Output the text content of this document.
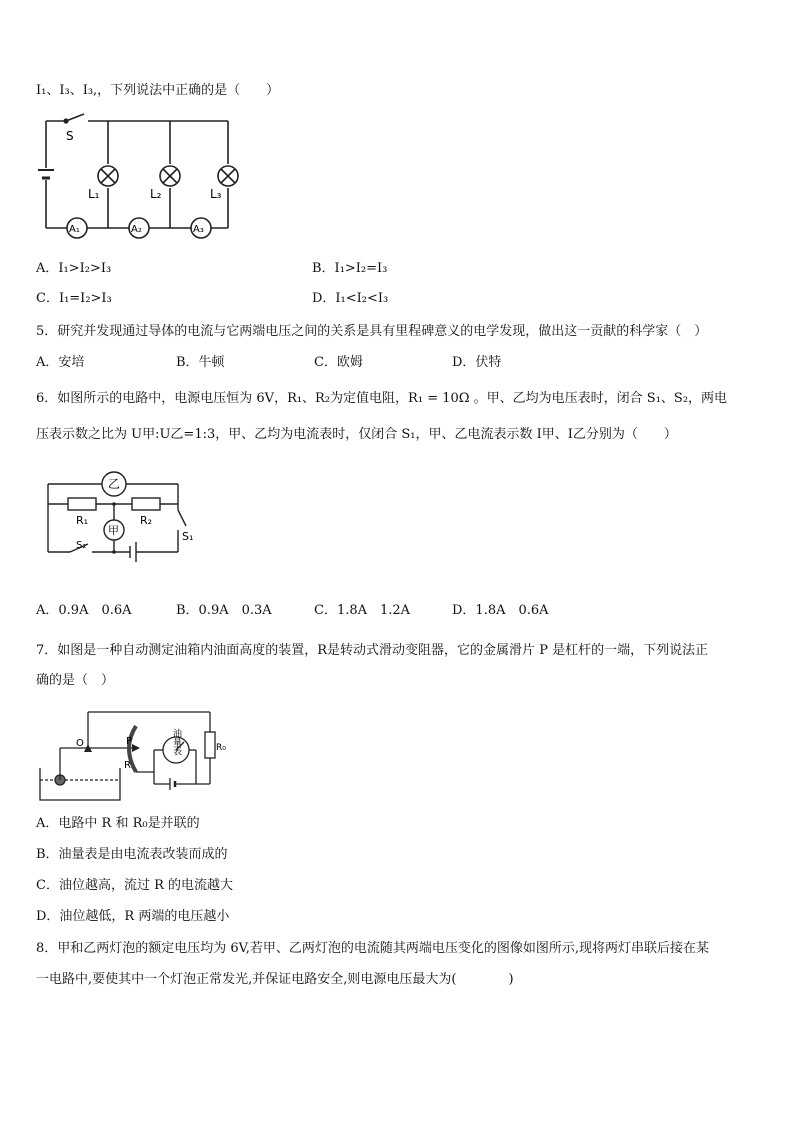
I₁、I₃、I₃,，下列说法中正确的是（　　）
S
L₁	L₂	L₃
A₁	A₂	A₃
A．I₁>I₂>I₃	B．I₁>I₂=I₃
C．I₁=I₂>I₃	D．I₁<I₂<I₃
5．研究并发现通过导体的电流与它两端电压之间的关系是具有里程碑意义的电学发现，做出这一贡献的科学家（　）
A．安培	B．牛顿	C．欧姆	D．伏特
6．如图所示的电路中，电源电压恒为 6V，R₁、R₂为定值电阻，R₁ = 10Ω 。甲、乙均为电压表时，闭合 S₁、S₂，两电
压表示数之比为 U甲:U乙=1:3，甲、乙均为电流表时，仅闭合 S₁，甲、乙电流表示数 I甲、I乙分别为（　　）
乙
甲
R₁	R₂
S₁
S₂
A．0.9A　0.6A	B．0.9A　0.3A	C．1.8A　1.2A	D．1.8A　0.6A
7．如图是一种自动测定油箱内油面高度的装置，R是转动式滑动变阻器，它的金属滑片 P 是杠杆的一端，下列说法正
确的是（　）
O	P
R
R₀
油量表
A．电路中 R 和 R₀是并联的
B．油量表是由电流表改装而成的
C．油位越高，流过 R 的电流越大
D．油位越低，R 两端的电压越小
8．甲和乙两灯泡的额定电压均为 6V,若甲、乙两灯泡的电流随其两端电压变化的图像如图所示,现将两灯串联后接在某
一电路中,要使其中一个灯泡正常发光,并保证电路安全,则电源电压最大为(　　　　)
